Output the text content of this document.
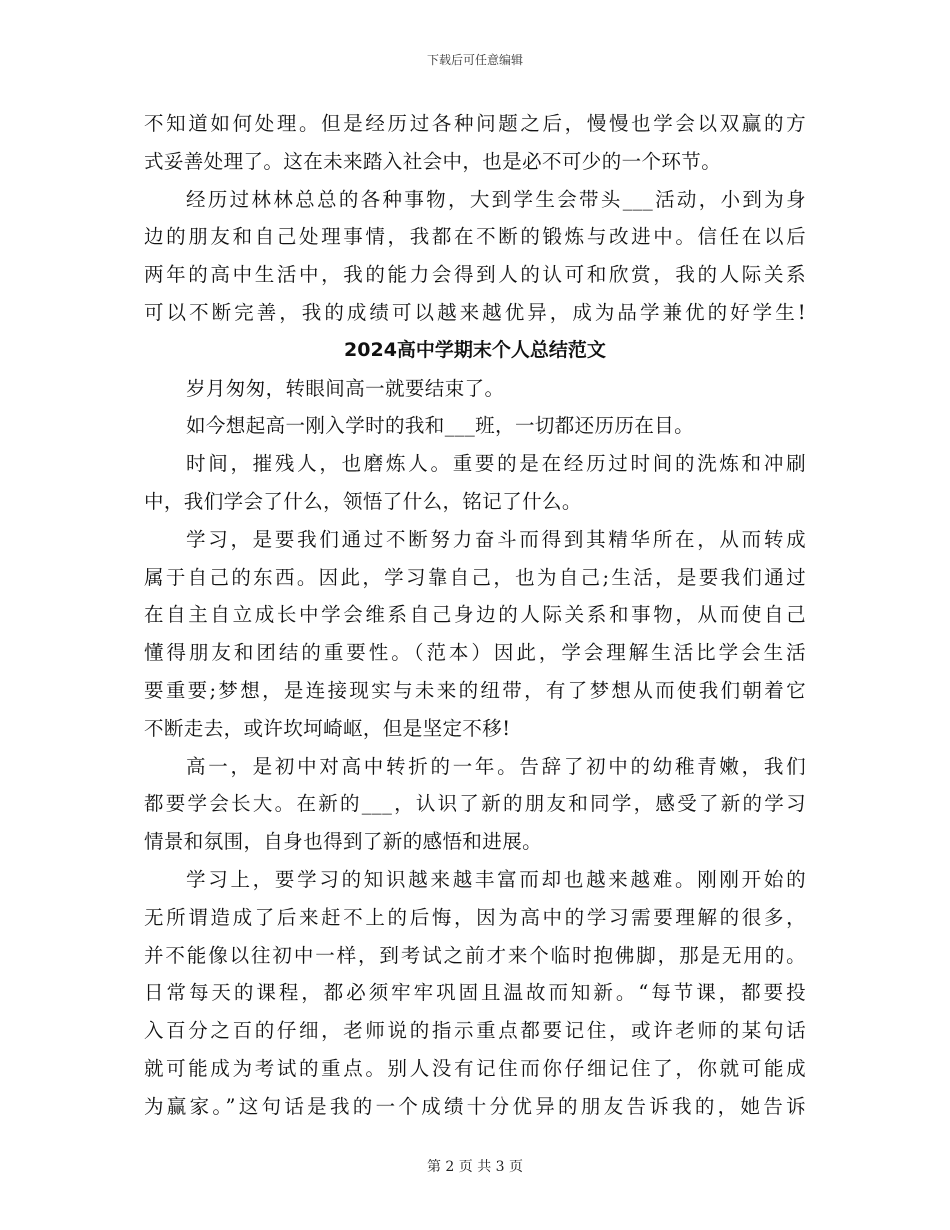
下载后可任意编辑
不知道如何处理。但是经历过各种问题之后，慢慢也学会以双赢的方
式妥善处理了。这在未来踏入社会中，也是必不可少的一个环节。
经历过林林总总的各种事物，大到学生会带头___活动，小到为身
边的朋友和自己处理事情，我都在不断的锻炼与改进中。信任在以后
两年的高中生活中，我的能力会得到人的认可和欣赏，我的人际关系
可以不断完善，我的成绩可以越来越优异，成为品学兼优的好学生!
2024高中学期末个人总结范文
岁月匆匆，转眼间高一就要结束了。
如今想起高一刚入学时的我和___班，一切都还历历在目。
时间，摧残人，也磨炼人。重要的是在经历过时间的洗炼和冲刷
中，我们学会了什么，领悟了什么，铭记了什么。
学习，是要我们通过不断努力奋斗而得到其精华所在，从而转成
属于自己的东西。因此，学习靠自己，也为自己;生活，是要我们通过
在自主自立成长中学会维系自己身边的人际关系和事物，从而使自己
懂得朋友和团结的重要性。（范本）因此，学会理解生活比学会生活
要重要;梦想，是连接现实与未来的纽带，有了梦想从而使我们朝着它
不断走去，或许坎坷崎岖，但是坚定不移!
高一，是初中对高中转折的一年。告辞了初中的幼稚青嫩，我们
都要学会长大。在新的___，认识了新的朋友和同学，感受了新的学习
情景和氛围，自身也得到了新的感悟和进展。
学习上，要学习的知识越来越丰富而却也越来越难。刚刚开始的
无所谓造成了后来赶不上的后悔，因为高中的学习需要理解的很多，
并不能像以往初中一样，到考试之前才来个临时抱佛脚，那是无用的。
日常每天的课程，都必须牢牢巩固且温故而知新。“每节课，都要投
入百分之百的仔细，老师说的指示重点都要记住，或许老师的某句话
就可能成为考试的重点。别人没有记住而你仔细记住了，你就可能成
为赢家。”这句话是我的一个成绩十分优异的朋友告诉我的，她告诉
第 2 页 共 3 页
